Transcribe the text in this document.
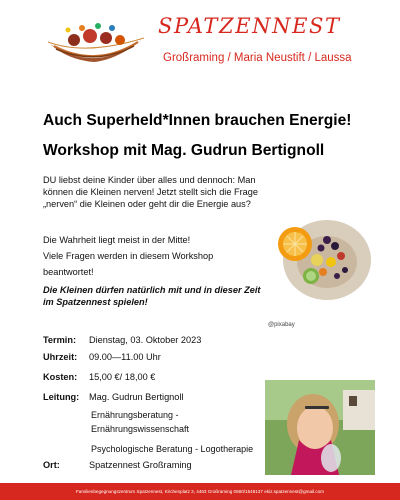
SPATZENNEST
Großraming / Maria Neustift / Laussa
Auch Superheld*Innen brauchen Energie!
Workshop mit Mag. Gudrun Bertignoll
DU liebst deine Kinder über alles und dennoch: Man können die Kleinen nerven! Jetzt stellt sich die Frage „nerven“ die Kleinen oder geht dir die Energie aus?
Die Wahrheit liegt meist in der Mitte!
Viele Fragen werden in diesem Workshop
beantwortet!
Die Kleinen dürfen natürlich mit und in dieser Zeit im Spatzennest spielen!
@pixabay
Termin: Dienstag, 03. Oktober 2023
Uhrzeit: 09.00—11.00 Uhr
Kosten: 15,00 €/ 18,00 €
Leitung: Mag. Gudrun Bertignoll
Ernährungsberatung -
Ernährungswissenschaft
Psychologische Beratung - Logotherapie
Ort:	Spatzennest Großraming
Familienbegegnungszentrum Spatzennest, Kirchenplatz 3, 4463 Großraming 0680/1546137 ekiz.spatzennest@gmail.com
